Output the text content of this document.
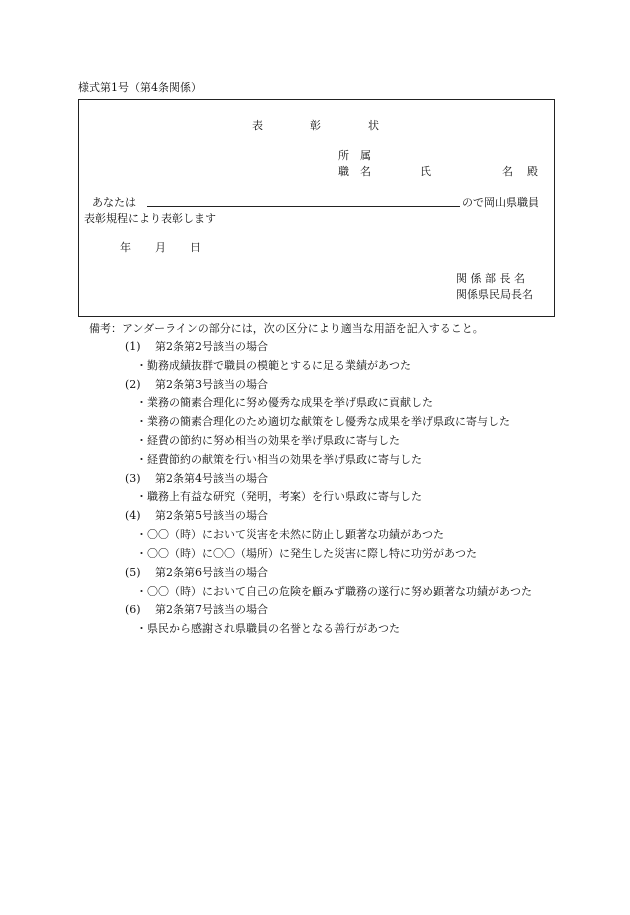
様式第1号（第4条関係）
表	彰	状
所　属
職　名	氏	名 殿
あなたは	ので岡山県職員
表彰規程により表彰します
年 月 日
関 係 部 長 名
関係県民局長名
備考：アンダーラインの部分には，次の区分により適当な用語を記入すること。
(1) 第2条第2号該当の場合
・勤務成績抜群で職員の模範とするに足る業績があつた
(2) 第2条第3号該当の場合
・業務の簡素合理化に努め優秀な成果を挙げ県政に貢献した
・業務の簡素合理化のため適切な献策をし優秀な成果を挙げ県政に寄与した
・経費の節約に努め相当の効果を挙げ県政に寄与した
・経費節約の献策を行い相当の効果を挙げ県政に寄与した
(3) 第2条第4号該当の場合
・職務上有益な研究（発明，考案）を行い県政に寄与した
(4) 第2条第5号該当の場合
・〇〇（時）において災害を未然に防止し顕著な功績があつた
・〇〇（時）に〇〇（場所）に発生した災害に際し特に功労があつた
(5) 第2条第6号該当の場合
・〇〇（時）において自己の危険を顧みず職務の遂行に努め顕著な功績があつた
(6) 第2条第7号該当の場合
・県民から感謝され県職員の名誉となる善行があつた
